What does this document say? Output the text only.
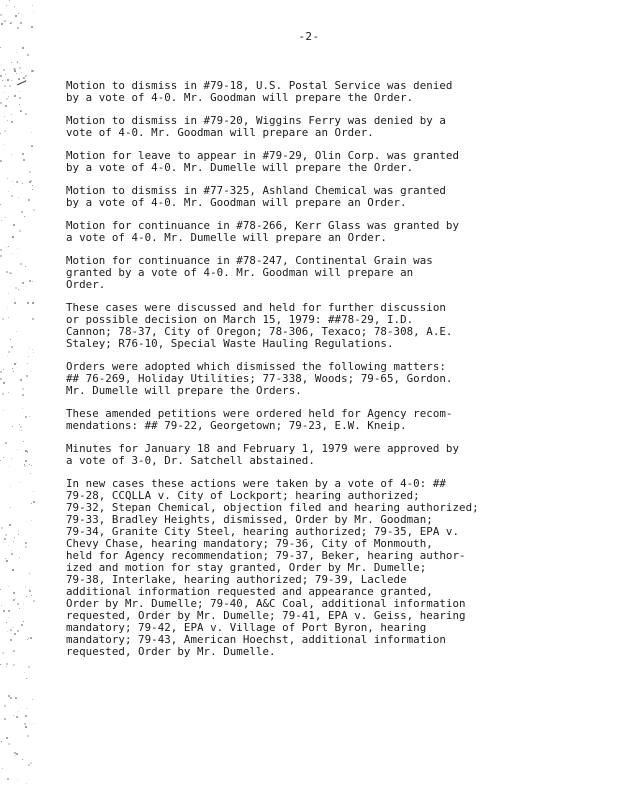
-2-

Motion to dismiss in #79-18, U.S. Postal Service was denied
by a vote of 4-0. Mr. Goodman will prepare the Order.

Motion to dismiss in #79-20, Wiggins Ferry was denied by a
vote of 4-0. Mr. Goodman will prepare an Order.

Motion for leave to appear in #79-29, Olin Corp. was granted
by a vote of 4-0. Mr. Dumelle will prepare the Order.

Motion to dismiss in #77-325, Ashland Chemical was granted
by a vote of 4-0. Mr. Goodman will prepare an Order.

Motion for continuance in #78-266, Kerr Glass was granted by
a vote of 4-0. Mr. Dumelle will prepare an Order.

Motion for continuance in #78-247, Continental Grain was
granted by a vote of 4-0. Mr. Goodman will prepare an
Order.

These cases were discussed and held for further discussion
or possible decision on March 15, 1979: ##78-29, I.D.
Cannon; 78-37, City of Oregon; 78-306, Texaco; 78-308, A.E.
Staley; R76-10, Special Waste Hauling Regulations.

Orders were adopted which dismissed the following matters:
## 76-269, Holiday Utilities; 77-338, Woods; 79-65, Gordon.
Mr. Dumelle will prepare the Orders.

These amended petitions were ordered held for Agency recom-
mendations: ## 79-22, Georgetown; 79-23, E.W. Kneip.

Minutes for January 18 and February 1, 1979 were approved by
a vote of 3-0, Dr. Satchell abstained.

In new cases these actions were taken by a vote of 4-0: ##
79-28, CCQLLA v. City of Lockport; hearing authorized;
79-32, Stepan Chemical, objection filed and hearing authorized;
79-33, Bradley Heights, dismissed, Order by Mr. Goodman;
79-34, Granite City Steel, hearing authorized; 79-35, EPA v.
Chevy Chase, hearing mandatory; 79-36, City of Monmouth,
held for Agency recommendation; 79-37, Beker, hearing author-
ized and motion for stay granted, Order by Mr. Dumelle;
79-38, Interlake, hearing authorized; 79-39, Laclede
additional information requested and appearance granted,
Order by Mr. Dumelle; 79-40, A&C Coal, additional information
requested, Order by Mr. Dumelle; 79-41, EPA v. Geiss, hearing
mandatory; 79-42, EPA v. Village of Port Byron, hearing
mandatory; 79-43, American Hoechst, additional information
requested, Order by Mr. Dumelle.
